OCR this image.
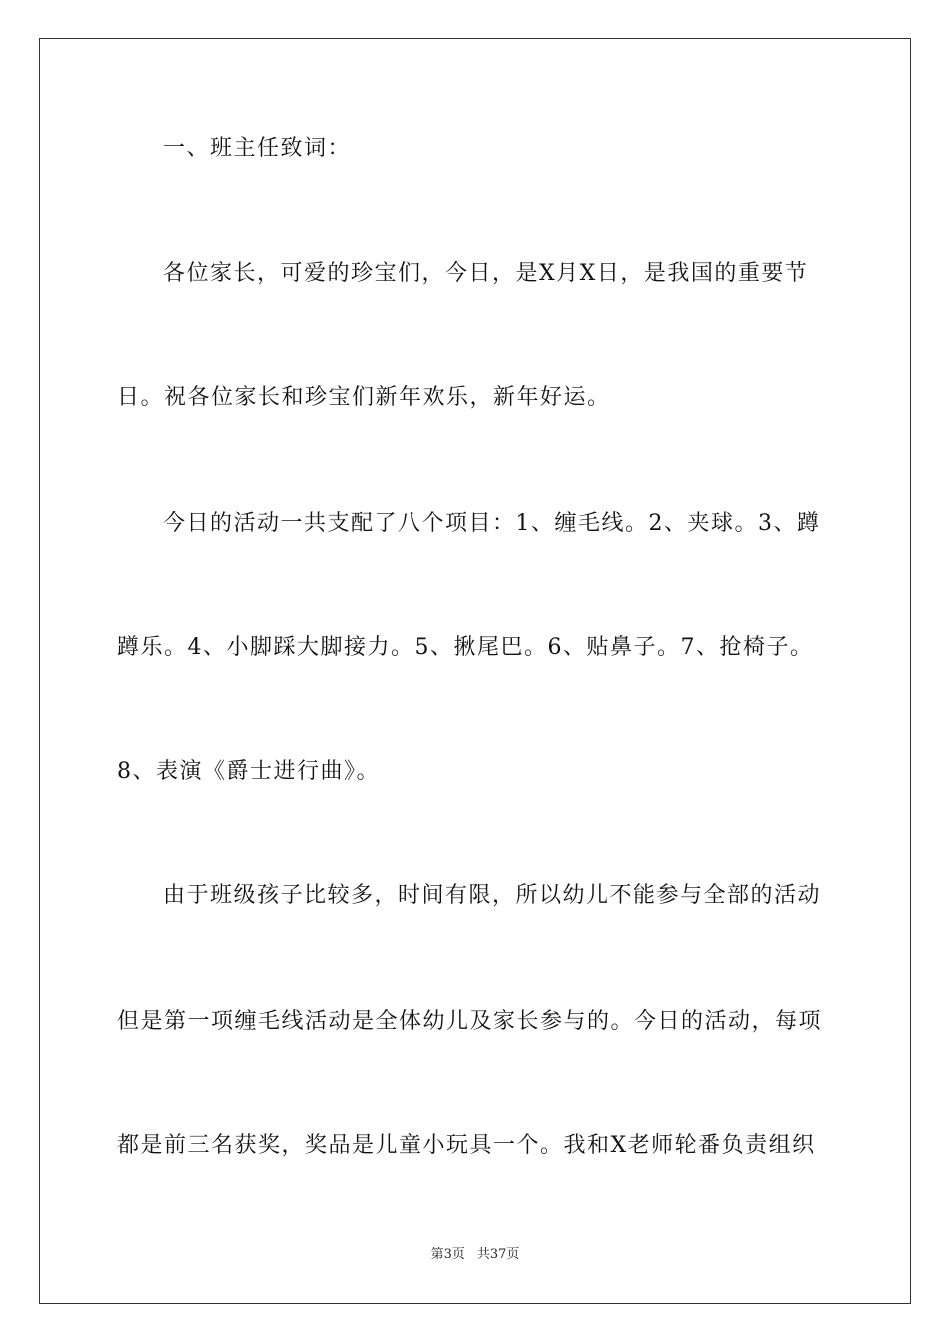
一、班主任致词：
各位家长，可爱的珍宝们，今日，是X月X日，是我国的重要节
日。祝各位家长和珍宝们新年欢乐，新年好运。
今日的活动一共支配了八个项目：1、缠毛线。2、夹球。3、蹲
蹲乐。4、小脚踩大脚接力。5、揪尾巴。6、贴鼻子。7、抢椅子。
8、表演《爵士进行曲》。
由于班级孩子比较多，时间有限，所以幼儿不能参与全部的活动
但是第一项缠毛线活动是全体幼儿及家长参与的。今日的活动，每项
都是前三名获奖，奖品是儿童小玩具一个。我和X老师轮番负责组织
第3页 共37页
